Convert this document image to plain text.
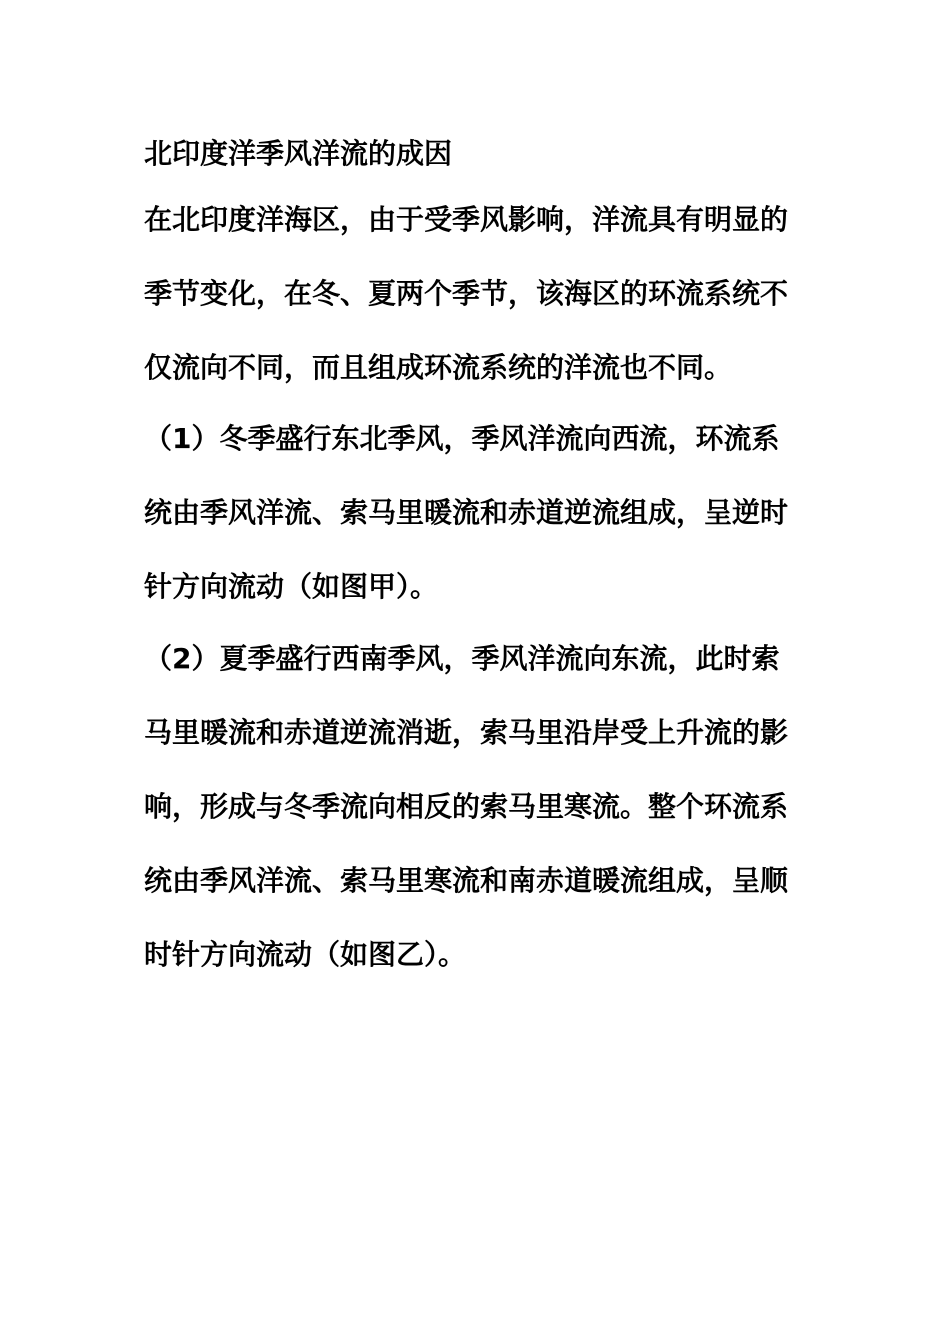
北印度洋季风洋流的成因
在北印度洋海区，由于受季风影响，洋流具有明显的
季节变化，在冬、夏两个季节，该海区的环流系统不
仅流向不同，而且组成环流系统的洋流也不同。
（1）冬季盛行东北季风，季风洋流向西流，环流系
统由季风洋流、索马里暖流和赤道逆流组成，呈逆时
针方向流动（如图甲）。
（2）夏季盛行西南季风，季风洋流向东流，此时索
马里暖流和赤道逆流消逝，索马里沿岸受上升流的影
响，形成与冬季流向相反的索马里寒流。整个环流系
统由季风洋流、索马里寒流和南赤道暖流组成，呈顺
时针方向流动（如图乙）。
